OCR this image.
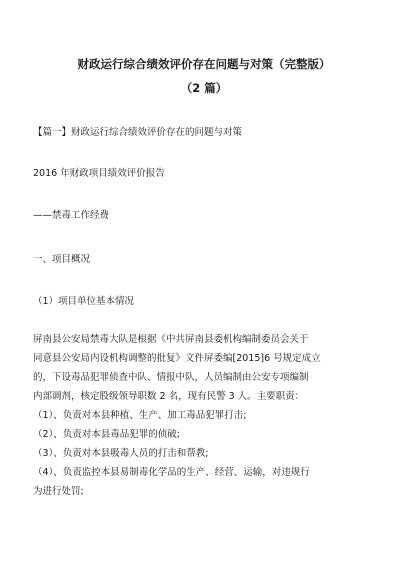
财政运行综合绩效评价存在问题与对策（完整版）
（2 篇）
【篇一】财政运行综合绩效评价存在的问题与对策
2016 年财政项目绩效评价报告
——禁毒工作经费
一、项目概况
（1）项目单位基本情况
屏南县公安局禁毒大队是根据《中共屏南县委机构编制委员会关于
同意县公安局内设机构调整的批复》文件屏委编[2015]6 号规定成立
的，下设毒品犯罪侦查中队、情报中队，人员编制由公安专项编制
内部调剂，核定股级领导职数 2 名，现有民警 3 人。主要职责：
（1）、负责对本县种植、生产、加工毒品犯罪打击;
（2）、负责对本县毒品犯罪的侦破;
（3）、负责对本县吸毒人员的打击和帮教;
（4）、负责监控本县易制毒化学品的生产、经营、运输，对违规行
为进行处罚;
